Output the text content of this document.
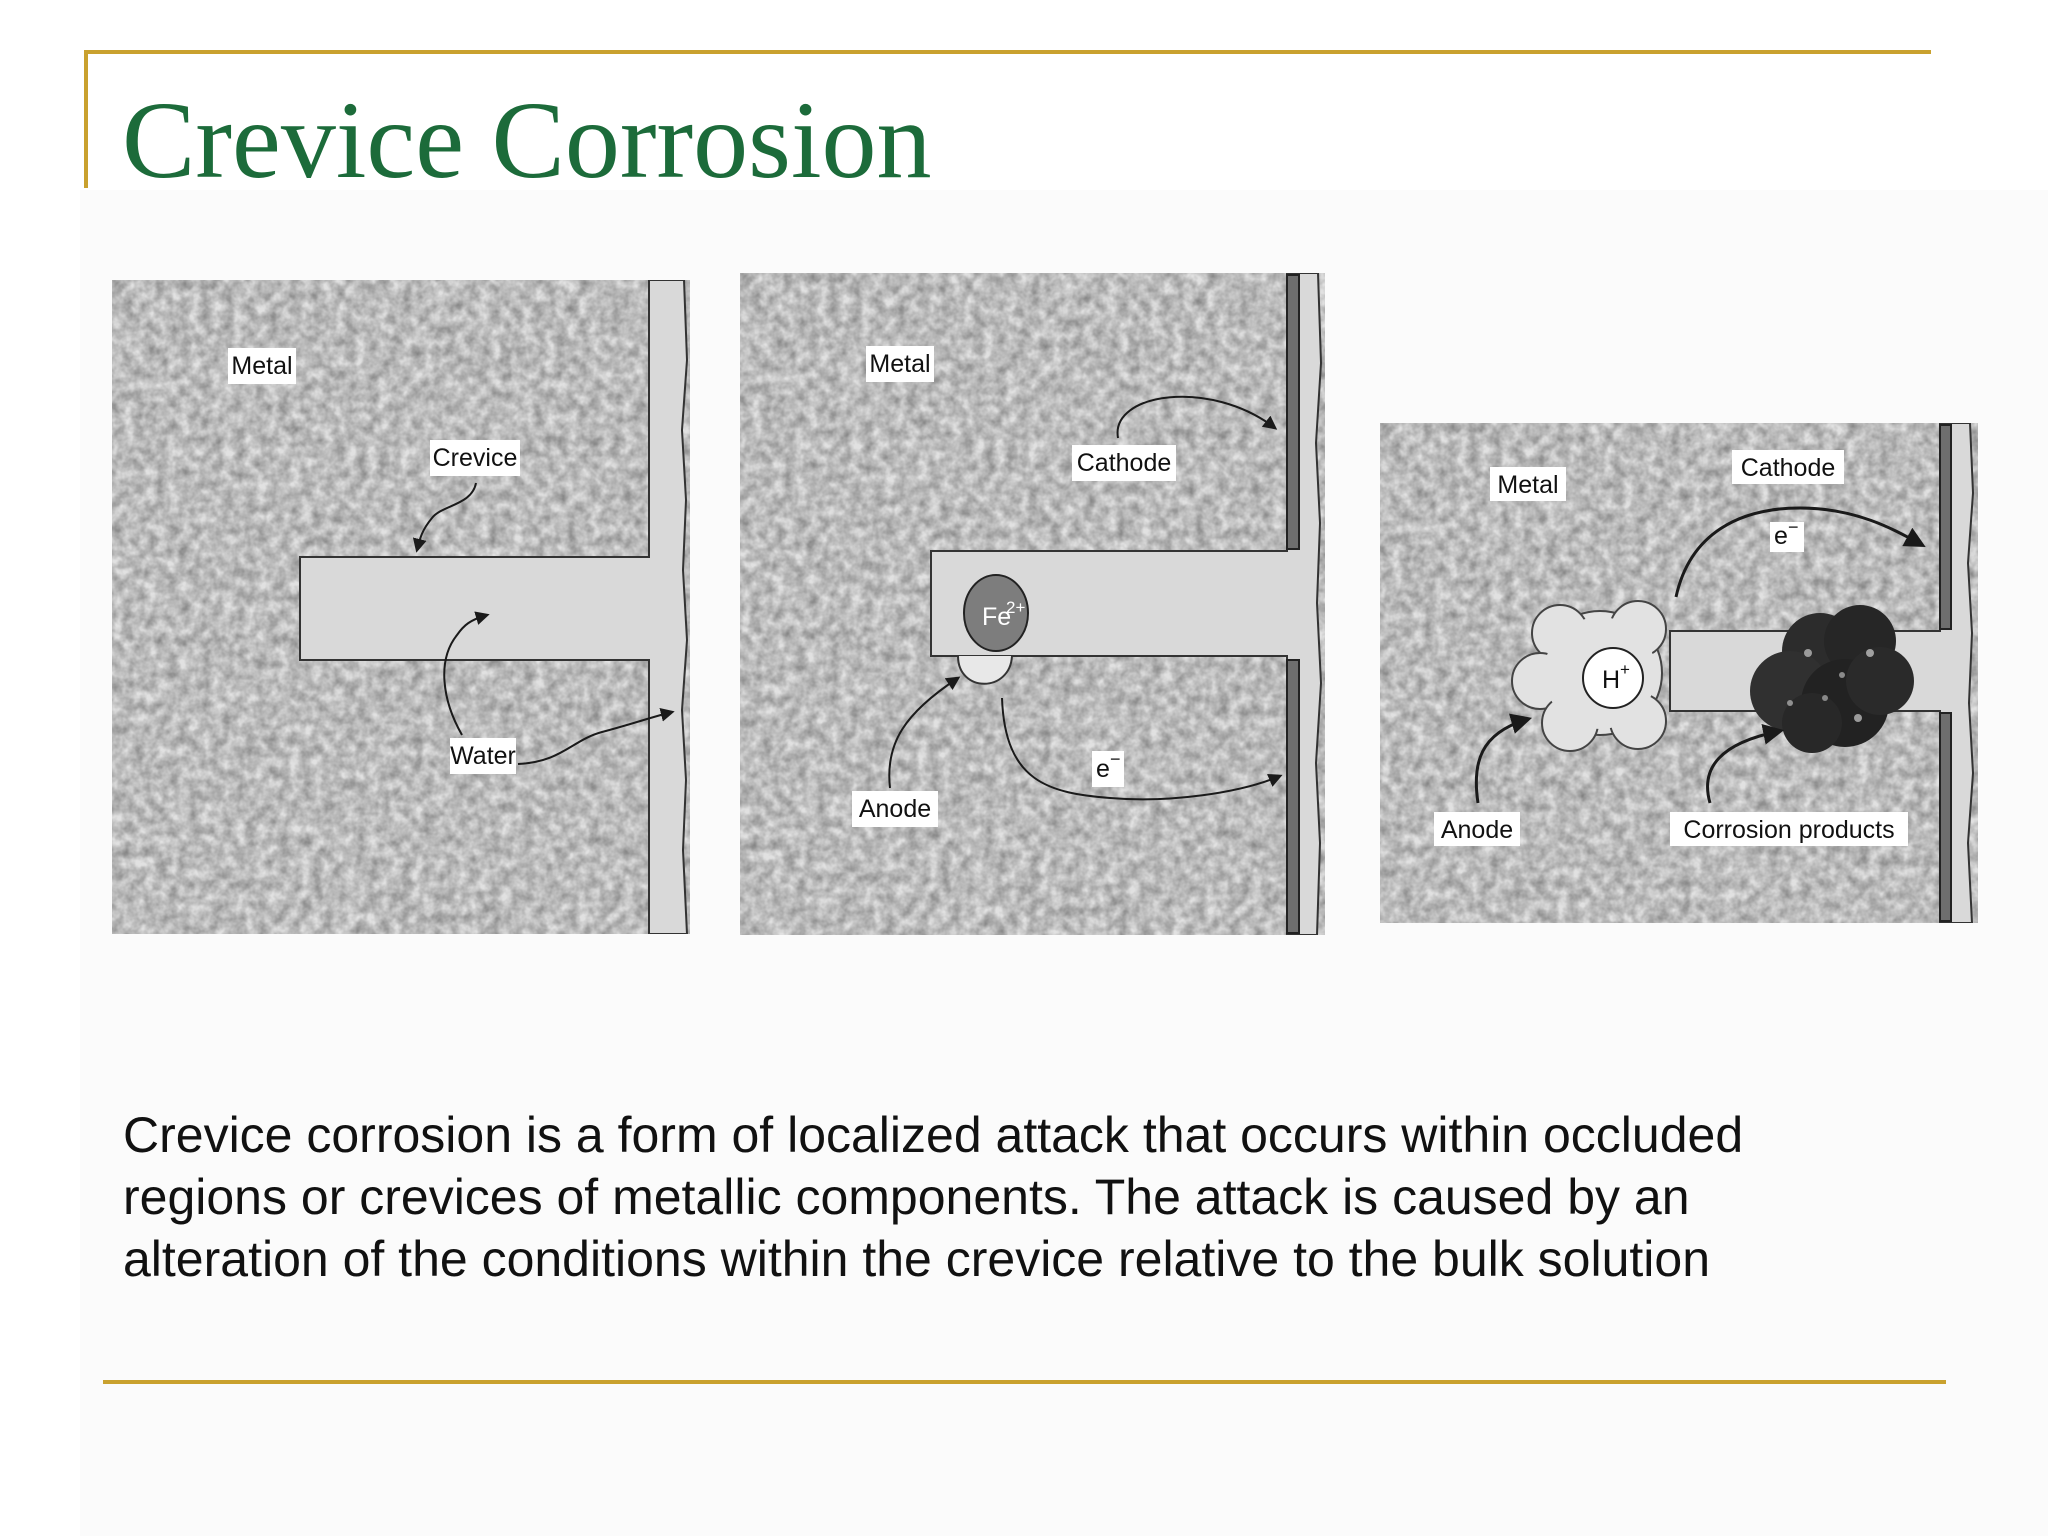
Crevice Corrosion
Metal
Crevice
Water
Fe
2+
Metal
Cathode
Anode
e −
H +
Metal
Cathode
e −
Anode	Corrosion products

Crevice corrosion is a form of localized attack that occurs within occluded regions or crevices of metallic components. The attack is caused by an alteration of the conditions within the crevice relative to the bulk solution
